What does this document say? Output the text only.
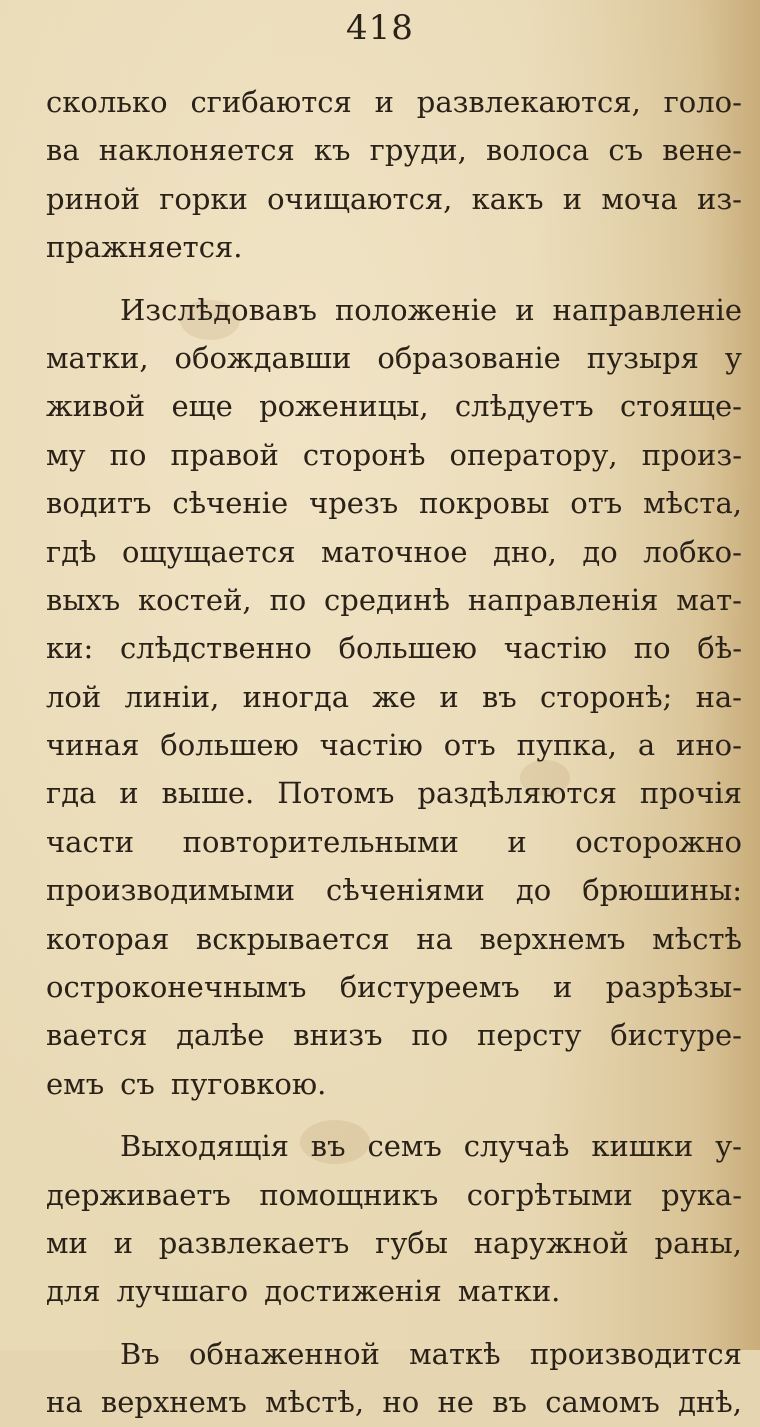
418
сколько сгибаются и развлекаются, голо-
ва наклоняется къ груди, волоса съ вене-
риной горки очищаются, какъ и моча из-
пражняется.
Изслѣдовавъ положеніе и направленіе
матки, обождавши образованіе пузыря у
живой еще роженицы, слѣдуетъ стояще-
му по правой сторонѣ оператору, произ-
водитъ сѣченіе чрезъ покровы отъ мѣста,
гдѣ ощущается маточное дно, до лобко-
выхъ костей, по срединѣ направленія мат-
ки: слѣдственно большею частію по бѣ-
лой линіи, иногда же и въ сторонѣ; на-
чиная большею частію отъ пупка, а ино-
гда и выше. Потомъ раздѣляются прочія
части повторительными и осторожно
производимыми сѣченіями до брюшины:
которая вскрывается на верхнемъ мѣстѣ
остроконечнымъ бистуреемъ и разрѣзы-
вается далѣе внизъ по персту бистуре-
емъ съ пуговкою.
Выходящія въ семъ случаѣ кишки у-
держиваетъ помощникъ согрѣтыми рука-
ми и развлекаетъ губы наружной раны,
для лучшаго достиженія матки.
Въ обнаженной маткѣ производится
на верхнемъ мѣстѣ, но не въ самомъ днѣ,
